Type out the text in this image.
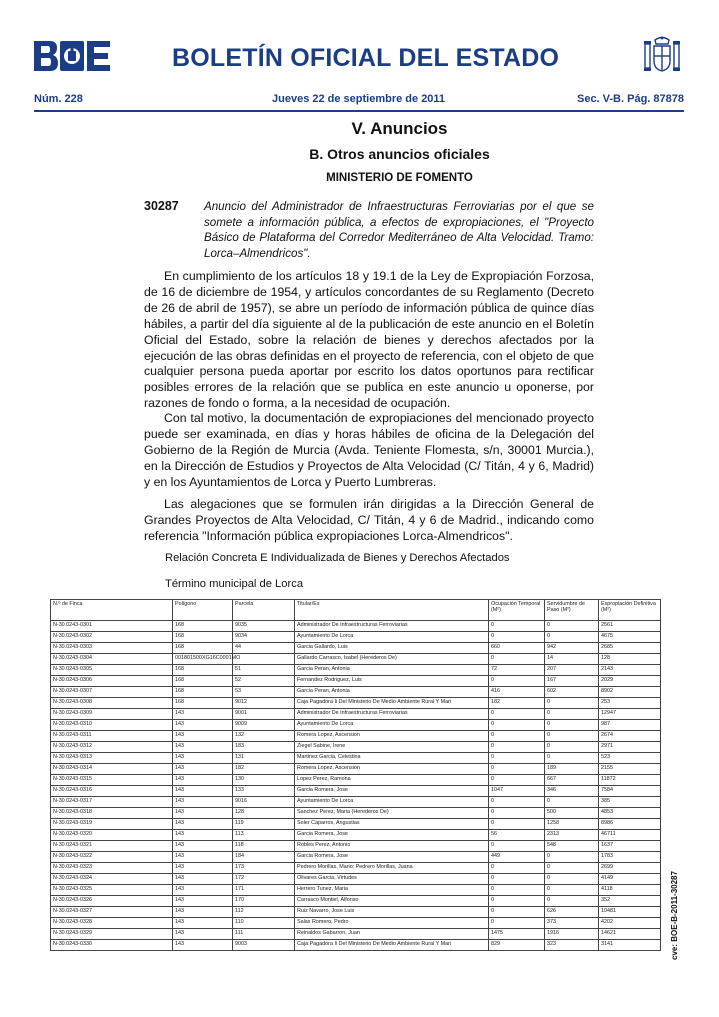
BOLETÍN OFICIAL DEL ESTADO
Núm. 228	Jueves 22 de septiembre de 2011	Sec. V-B. Pág. 87878
V. Anuncios
B. Otros anuncios oficiales
MINISTERIO DE FOMENTO
30287 Anuncio del Administrador de Infraestructuras Ferroviarias por el que se somete a información pública, a efectos de expropiaciones, el "Proyecto Básico de Plataforma del Corredor Mediterráneo de Alta Velocidad. Tramo: Lorca–Almendricos".
En cumplimiento de los artículos 18 y 19.1 de la Ley de Expropiación Forzosa, de 16 de diciembre de 1954, y artículos concordantes de su Reglamento (Decreto de 26 de abril de 1957), se abre un período de información pública de quince días hábiles, a partir del día siguiente al de la publicación de este anuncio en el Boletín Oficial del Estado, sobre la relación de bienes y derechos afectados por la ejecución de las obras definidas en el proyecto de referencia, con el objeto de que cualquier persona pueda aportar por escrito los datos oportunos para rectificar posibles errores de la relación que se publica en este anuncio u oponerse, por razones de fondo o forma, a la necesidad de ocupación.
Con tal motivo, la documentación de expropiaciones del mencionado proyecto puede ser examinada, en días y horas hábiles de oficina de la Delegación del Gobierno de la Región de Murcia (Avda. Teniente Flomesta, s/n, 30001 Murcia.), en la Dirección de Estudios y Proyectos de Alta Velocidad (C/ Titán, 4 y 6, Madrid) y en los Ayuntamientos de Lorca y Puerto Lumbreras.
Las alegaciones que se formulen irán dirigidas a la Dirección General de Grandes Proyectos de Alta Velocidad, C/ Titán, 4 y 6 de Madrid., indicando como referencia "Información pública expropiaciones Lorca-Almendricos".
Relación Concreta E Individualizada de Bienes y Derechos Afectados
Término municipal de Lorca
N.º de Finca	Polígono	Parcela	Titular/Es	Ocupación Temporal (M²)	Servidumbre de Paso (M²)	Expropiación Definitiva (M²)
N-30.0243-0301	168	9035	Administrador De Infraestructuras Ferroviarias	0	0	2561
N-30.0243-0302	168	9034	Ayuntamiento De Lorca	0	0	4675
N-30.0243-0303	168	44	Garcia Gallardo, Luis	660	942	2685
N-30.0243-0304	001801500XG16C0001MO		Gallardo Carrasco, Isabel (Herederos De)	0	14	128
N-30.0243-0305	168	51	Garcia Peran, Antonia	72	207	2143
N-30.0243-0306	168	52	Fernandez Rodriguez, Luis	0	167	2029
N-30.0243-0307	168	53	Garcia Peran, Antonia	416	602	8902
N-30.0243-0308	168	9012	Caja Pagadora Ii Del Ministerio De Medio Ambiente Rural Y Mari	182	0	253
N-30.0243-0309	143	9001	Administrador De Infraestructuras Ferroviarias	0	0	12947
N-30.0243-0310	143	9009	Ayuntamiento De Lorca	0	0	987
N-30.0243-0311	143	132	Romera Lopez, Ascension	0	0	2674
N-30.0243-0312	143	183	Ziegel Sabine, Irene	0	0	2971
N-30.0243-0313	143	131	Martinez Garcia, Celestina	0	0	523
N-30.0243-0314	143	182	Romera Lopez, Ascension	0	189	2155
N-30.0243-0315	143	130	Lopez Perez, Ramona	0	667	11872
N-30.0243-0316	143	133	Garcia Romera, Jose	1047	346	7584
N-30.0243-0317	143	9016	Ayuntamiento De Lorca	0	0	385
N-30.0243-0318	143	128	Sanchez Perez, Maria (Herederos De)	0	500	4853
N-30.0243-0319	143	119	Soler Caparros, Angustias	0	1258	8986
N-30.0243-0320	143	113	Garcia Romera, Jose	56	2313	46711
N-30.0243-0321	143	118	Robles Perez, Antonio	0	548	1637
N-30.0243-0322	143	184	Garcia Romera, Jose	449	0	1783
N-30.0243-0323	143	173	Pedrero Morillas, Mario; Pedrero Morillas, Juana	0	0	2699
N-30.0243-0324	143	172	Olivares Garcia, Virtudes	0	0	4149
N-30.0243-0325	143	171	Herrero Tunez, Maria	0	0	4118
N-30.0243-0326	143	170	Carrasco Montiel, Alfonso	0	0	352
N-30.0243-0327	143	112	Ruiz Navarro, Jose Luis	0	626	10481
N-30.0243-0328	143	110	Salas Romero, Pedro	0	373	4202
N-30.0243-0329	143	111	Reinaldos Gabarron, Juan	1475	1916	14621
N-30.0243-0330	143	9003	Caja Pagadora Ii Del Ministerio De Medio Ambiente Rural Y Mari	829	323	3141	cve: BOE-B-2011-30287
